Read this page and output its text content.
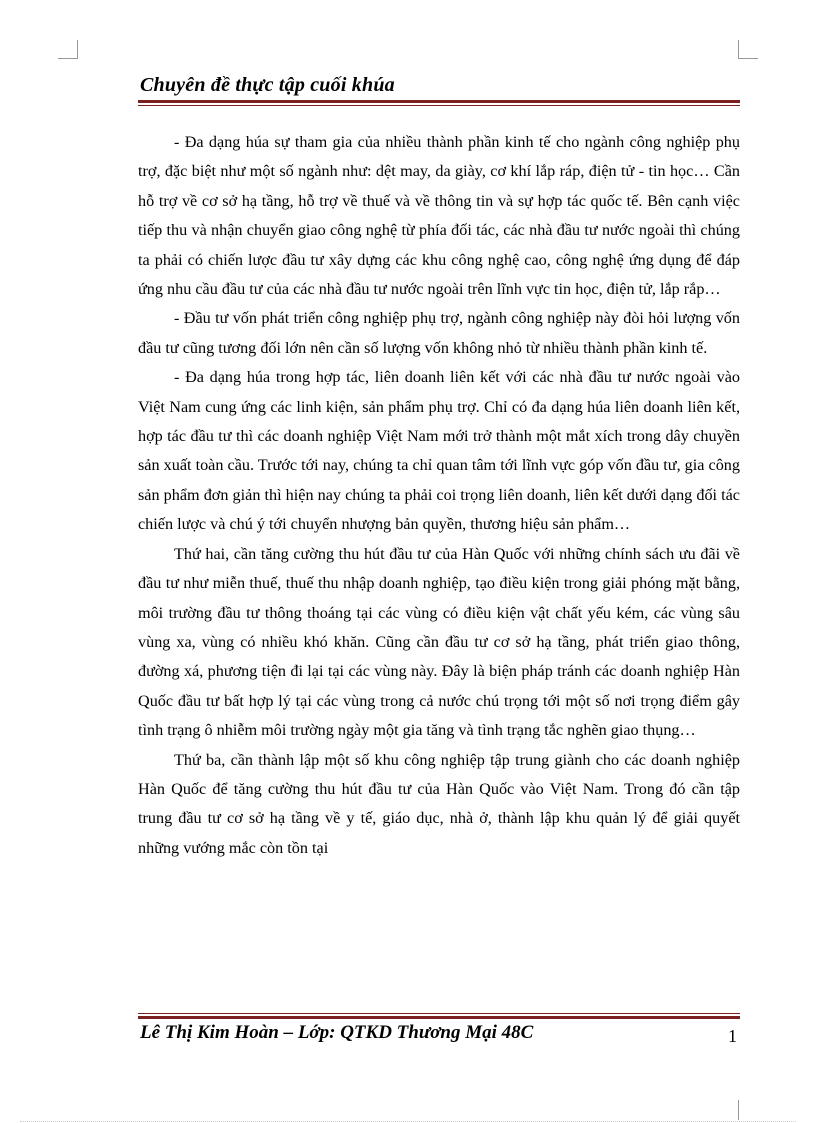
Chuyên đề thực tập cuối khúa

- Đa dạng húa sự tham gia của nhiều thành phần kinh tế cho ngành công nghiệp phụ trợ, đặc biệt như một số ngành như: dệt may, da giày, cơ khí lắp ráp, điện tử - tin học… Cần hỗ trợ về cơ sở hạ tầng, hỗ trợ về thuế và về thông tin và sự hợp tác quốc tế. Bên cạnh việc tiếp thu và nhận chuyển giao công nghệ từ phía đối tác, các nhà đầu tư nước ngoài thì chúng ta phải có chiến lược đầu tư xây dựng các khu công nghệ cao, công nghệ ứng dụng để đáp ứng nhu cầu đầu tư của các nhà đầu tư nước ngoài trên lĩnh vực tin học, điện tử, lắp rắp…

- Đầu tư vốn phát triển công nghiệp phụ trợ, ngành công nghiệp này đòi hỏi lượng vốn đầu tư cũng tương đối lớn nên cần số lượng vốn không nhỏ từ nhiều thành phần kinh tế.

- Đa dạng húa trong hợp tác, liên doanh liên kết với các nhà đầu tư nước ngoài vào Việt Nam cung ứng các linh kiện, sản phẩm phụ trợ. Chỉ có đa dạng húa liên doanh liên kết, hợp tác đầu tư thì các doanh nghiệp Việt Nam mới trở thành một mắt xích trong dây chuyền sản xuất toàn cầu. Trước tới nay, chúng ta chỉ quan tâm tới lĩnh vực góp vốn đầu tư, gia công sản phẩm đơn giản thì hiện nay chúng ta phải coi trọng liên doanh, liên kết dưới dạng đối tác chiến lược và chú ý tới chuyển nhượng bản quyền, thương hiệu sản phẩm…

Thứ hai, cần tăng cường thu hút đầu tư của Hàn Quốc với những chính sách ưu đãi về đầu tư như miễn thuế, thuế thu nhập doanh nghiệp, tạo điều kiện trong giải phóng mặt bằng, môi trường đầu tư thông thoáng tại các vùng có điều kiện vật chất yếu kém, các vùng sâu vùng xa, vùng có nhiều khó khăn. Cũng cần đầu tư cơ sở hạ tầng, phát triển giao thông, đường xá, phương tiện đi lại tại các vùng này. Đây là biện pháp tránh các doanh nghiệp Hàn Quốc đầu tư bất hợp lý tại các vùng trong cả nước chú trọng tới một số nơi trọng điểm gây tình trạng ô nhiễm môi trường ngày một gia tăng và tình trạng tắc nghẽn giao thụng…

Thứ ba, cần thành lập một số khu công nghiệp tập trung giành cho các doanh nghiệp Hàn Quốc để tăng cường thu hút đầu tư của Hàn Quốc vào Việt Nam. Trong đó cần tập trung đầu tư cơ sở hạ tầng về y tế, giáo dục, nhà ở, thành lập khu quản lý để giải quyết những vướng mắc còn tồn tại

Lê Thị Kim Hoàn – Lớp: QTKD Thương Mại 48C	1
